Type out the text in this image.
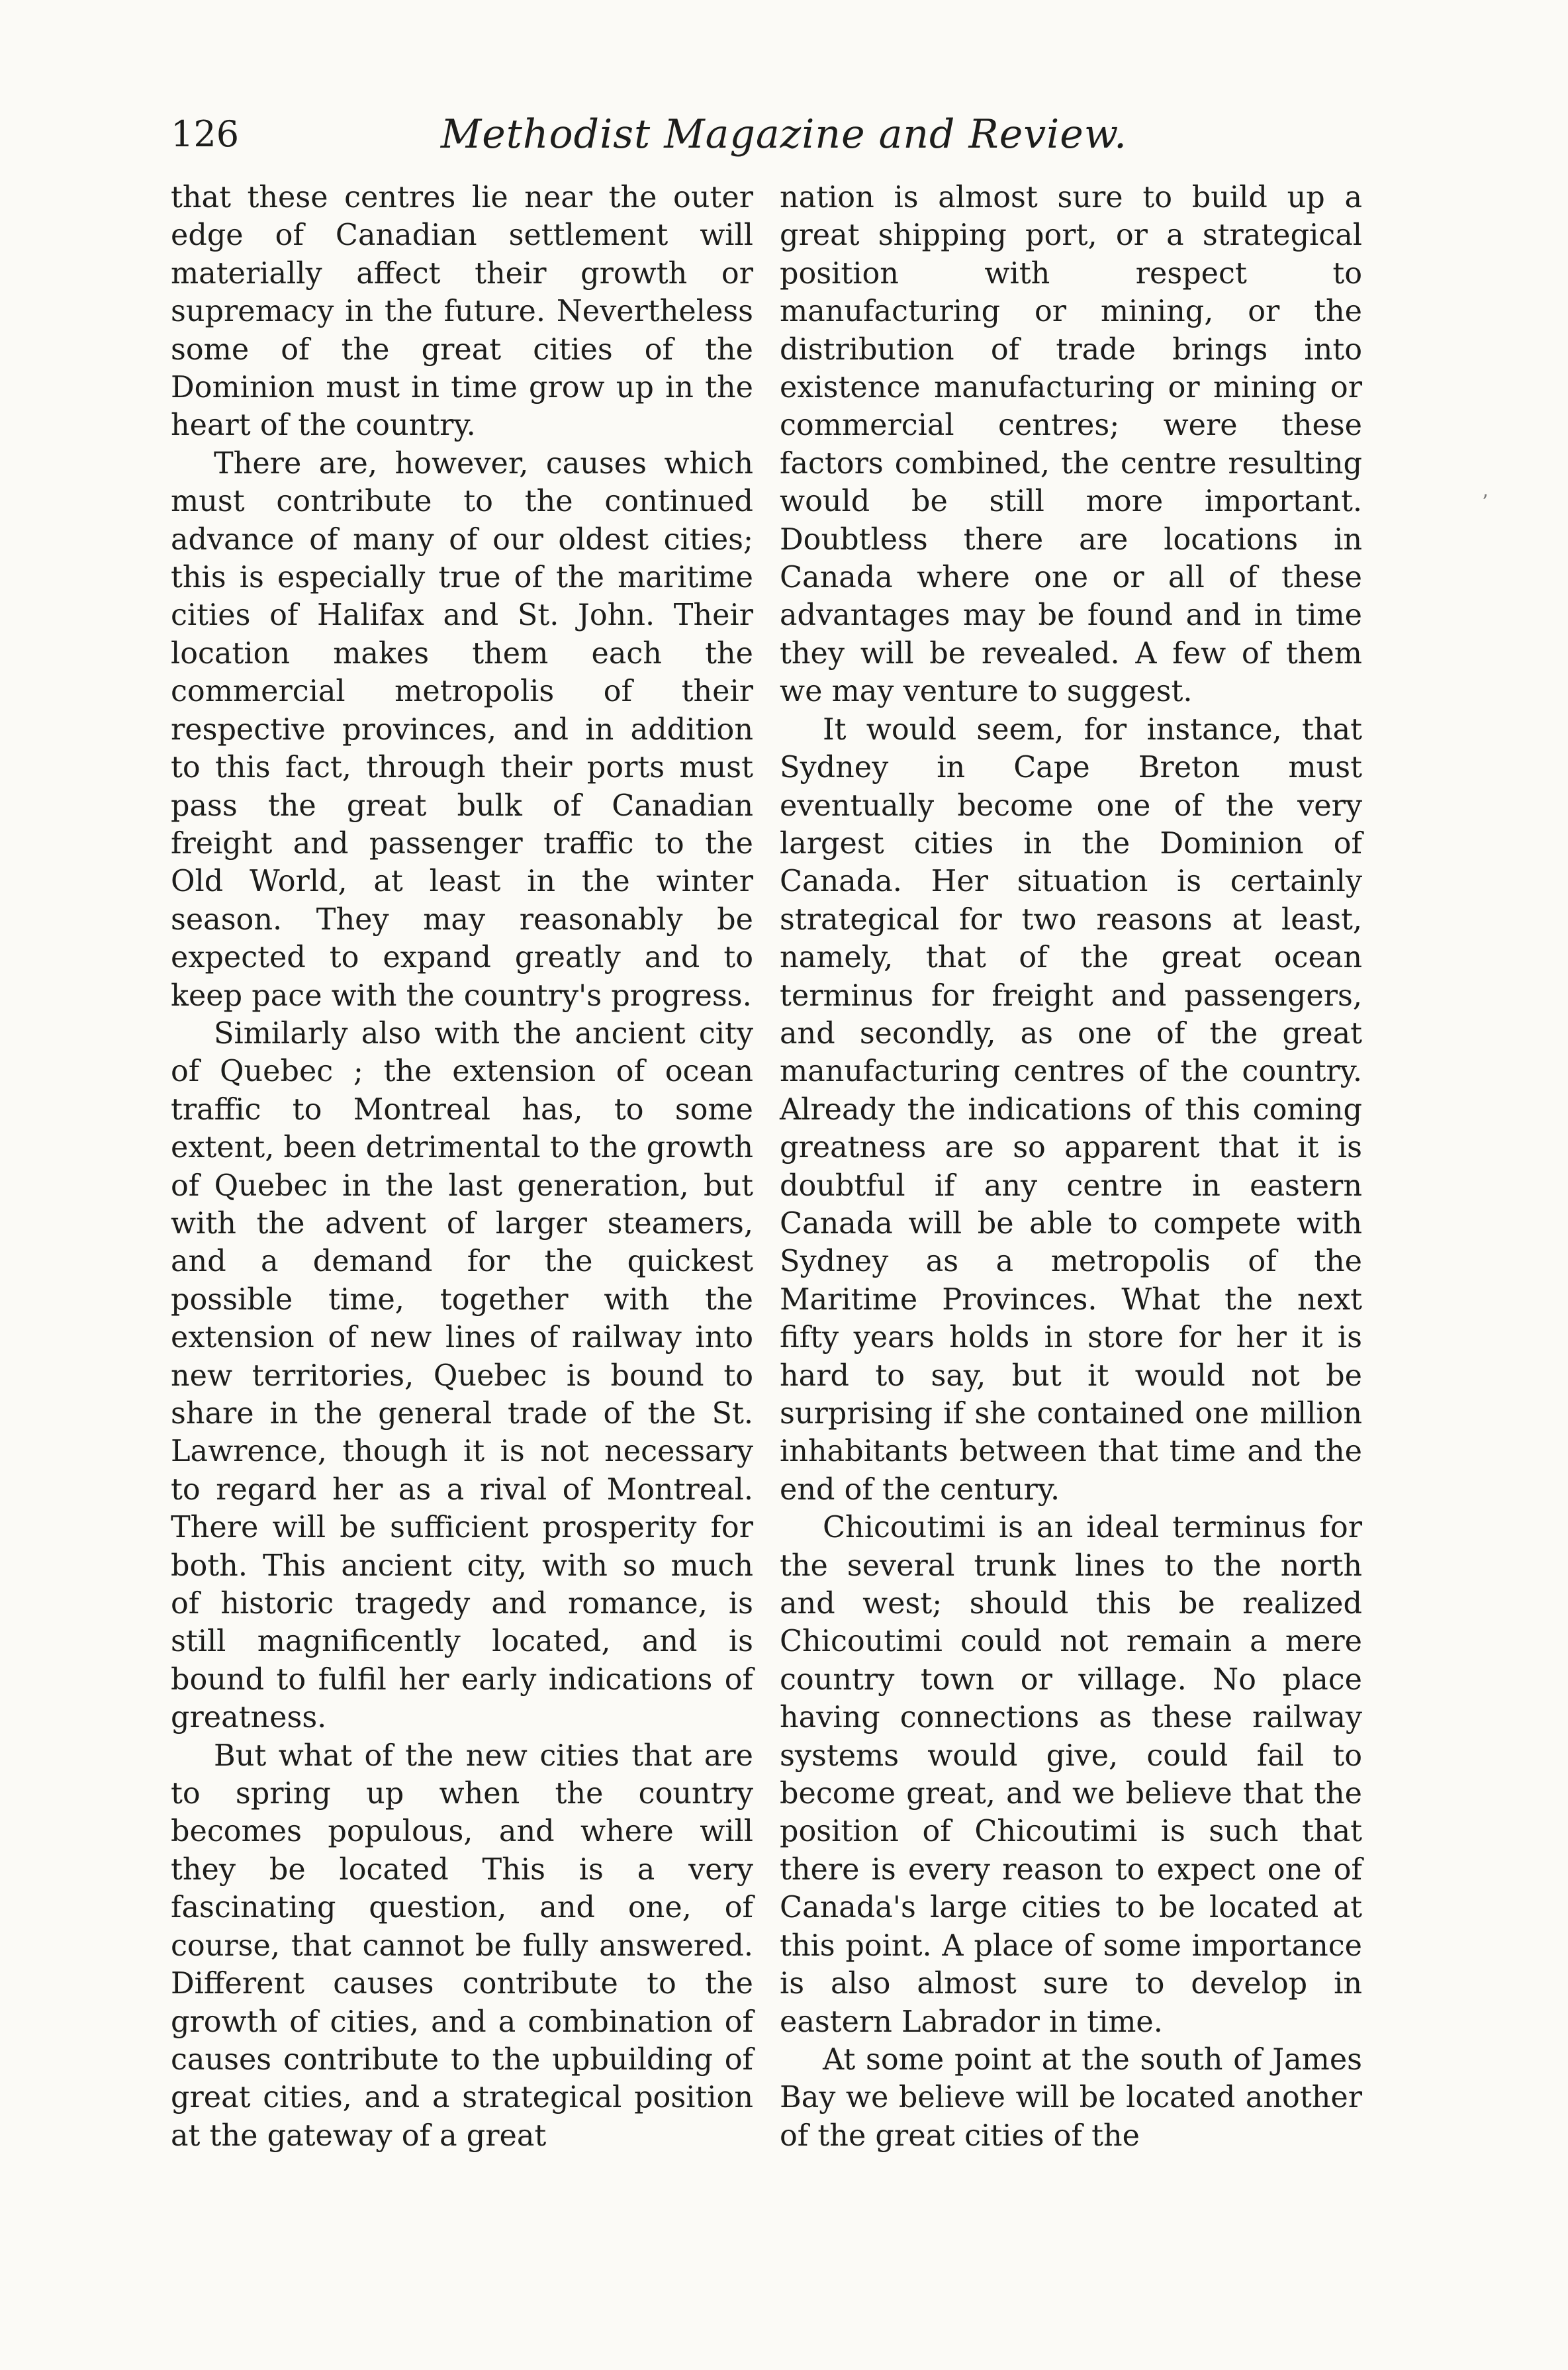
126	Methodist Magazine and Review.

that these centres lie near the outer edge of Canadian settlement will materially affect their growth or supremacy in the future. Nevertheless some of the great cities of the Dominion must in time grow up in the heart of the country.

There are, however, causes which must contribute to the continued advance of many of our oldest cities; this is especially true of the maritime cities of Halifax and St. John. Their location makes them each the commercial metropolis of their respective provinces, and in addition to this fact, through their ports must pass the great bulk of Canadian freight and passenger traffic to the Old World, at least in the winter season. They may reasonably be expected to expand greatly and to keep pace with the country's progress.

Similarly also with the ancient city of Quebec ; the extension of ocean traffic to Montreal has, to some extent, been detrimental to the growth of Quebec in the last generation, but with the advent of larger steamers, and a demand for the quickest possible time, together with the extension of new lines of railway into new territories, Quebec is bound to share in the general trade of the St. Lawrence, though it is not necessary to regard her as a rival of Montreal. There will be sufficient prosperity for both. This ancient city, with so much of historic tragedy and romance, is still magnificently located, and is bound to fulfil her early indications of greatness.

But what of the new cities that are to spring up when the country becomes populous, and where will they be located This is a very fascinating question, and one, of course, that cannot be fully answered. Different causes contribute to the growth of cities, and a combination of causes contribute to the upbuilding of great cities, and a strategical position at the gateway of a great

nation is almost sure to build up a great shipping port, or a strategical position with respect to manufacturing or mining, or the distribution of trade brings into existence manufacturing or mining or commercial centres; were these factors combined, the centre resulting would be still more important. Doubtless there are locations in Canada where one or all of these advantages may be found and in time they will be revealed. A few of them we may venture to suggest.

It would seem, for instance, that Sydney in Cape Breton must eventually become one of the very largest cities in the Dominion of Canada. Her situation is certainly strategical for two reasons at least, namely, that of the great ocean terminus for freight and passengers, and secondly, as one of the great manufacturing centres of the country. Already the indications of this coming greatness are so apparent that it is doubtful if any centre in eastern Canada will be able to compete with Sydney as a metropolis of the Maritime Provinces. What the next fifty years holds in store for her it is hard to say, but it would not be surprising if she contained one million inhabitants between that time and the end of the century.

Chicoutimi is an ideal terminus for the several trunk lines to the north and west; should this be realized Chicoutimi could not remain a mere country town or village. No place having connections as these railway systems would give, could fail to become great, and we believe that the position of Chicoutimi is such that there is every reason to expect one of Canada's large cities to be located at this point. A place of some importance is also almost sure to develop in eastern Labrador in time.

At some point at the south of James Bay we believe will be located another of the great cities of the

ʼ
